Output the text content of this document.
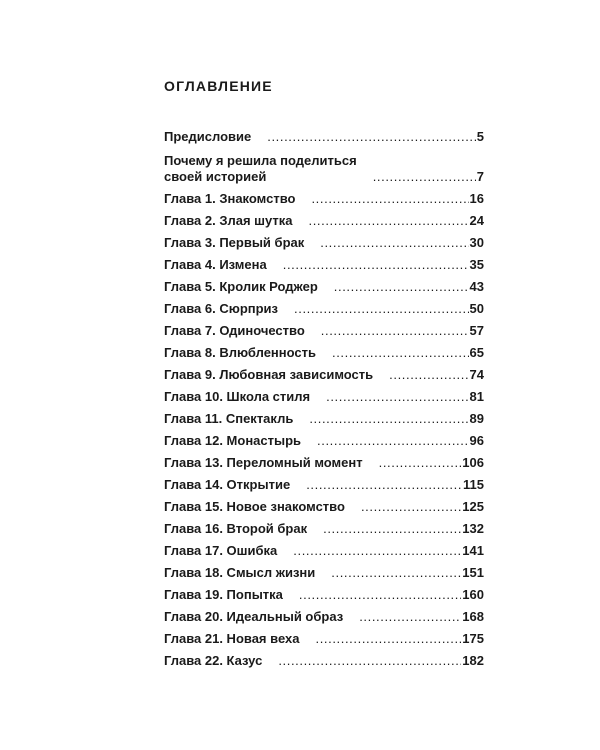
ОГЛАВЛЕНИЕ
Предисловие .....	5
Почему я решила поделиться
своей историей .....	7
Глава 1. Знакомство .....	16
Глава 2. Злая шутка .....	24
Глава 3. Первый брак .....	30
Глава 4. Измена .....	35
Глава 5. Кролик Роджер .....	43
Глава 6. Сюрприз .....	50
Глава 7. Одиночество .....	57
Глава 8. Влюбленность .....	65
Глава 9. Любовная зависимость .....	74
Глава 10. Школа стиля .....	81
Глава 11. Спектакль .....	89
Глава 12. Монастырь .....	96
Глава 13. Переломный момент .....	106
Глава 14. Открытие .....	115
Глава 15. Новое знакомство .....	125
Глава 16. Второй брак .....	132
Глава 17. Ошибка .....	141
Глава 18. Смысл жизни .....	151
Глава 19. Попытка .....	160
Глава 20. Идеальный образ .....	168
Глава 21. Новая веха .....	175
Глава 22. Казус .....	182
